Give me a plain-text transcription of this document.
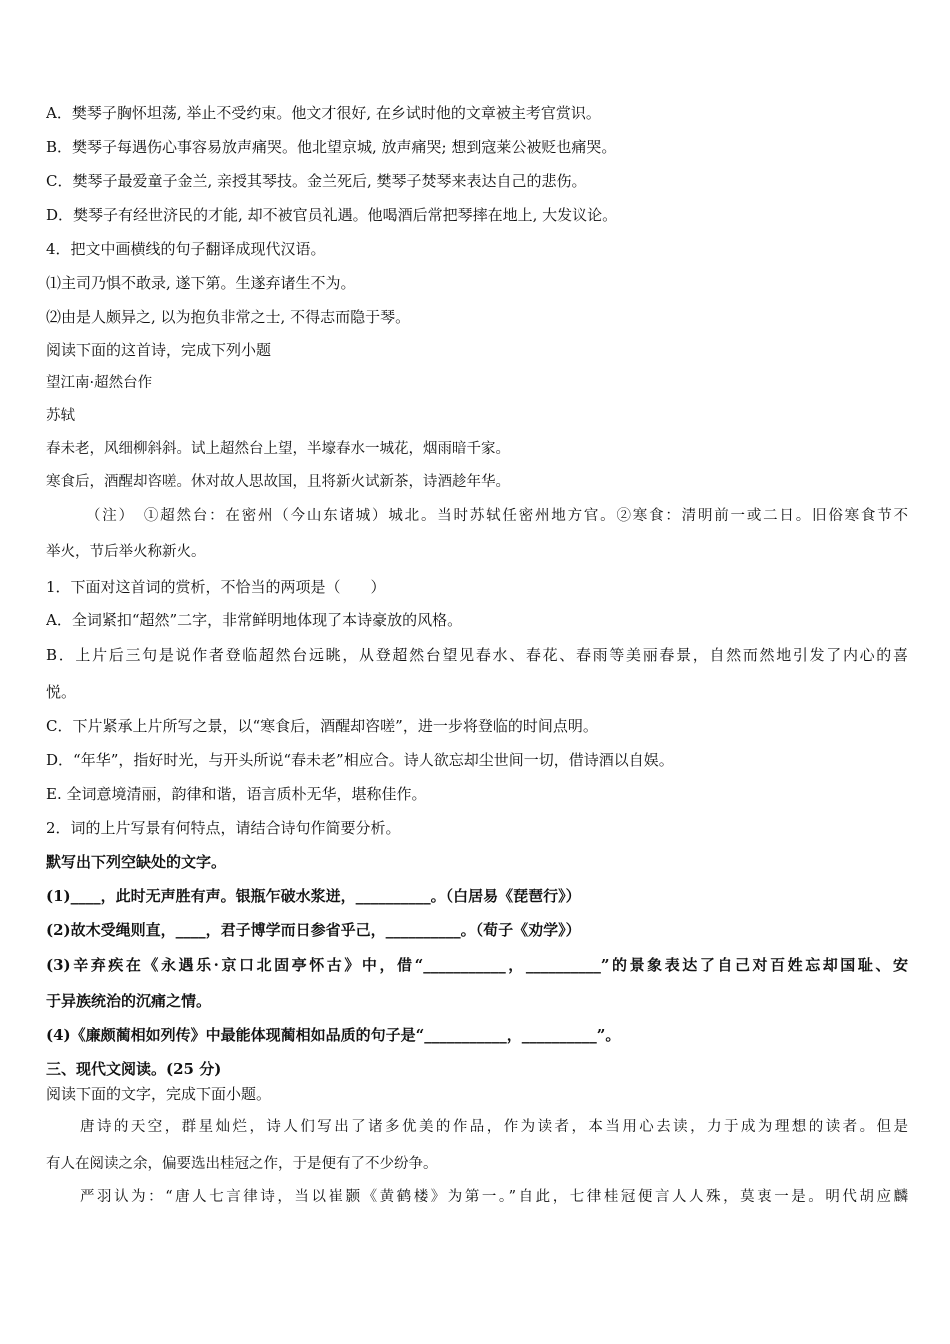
A．樊琴子胸怀坦荡, 举止不受约束。他文才很好, 在乡试时他的文章被主考官赏识。
B．樊琴子每遇伤心事容易放声痛哭。他北望京城, 放声痛哭; 想到寇莱公被贬也痛哭。
C．樊琴子最爱童子金兰, 亲授其琴技。金兰死后, 樊琴子焚琴来表达自己的悲伤。
D．樊琴子有经世济民的才能, 却不被官员礼遇。他喝酒后常把琴摔在地上, 大发议论。
4．把文中画横线的句子翻译成现代汉语。
⑴主司乃惧不敢录, 遂下第。生遂弃诸生不为。
⑵由是人颇异之, 以为抱负非常之士, 不得志而隐于琴。
阅读下面的这首诗，完成下列小题
望江南·超然台作
苏轼
春未老，风细柳斜斜。试上超然台上望，半壕春水一城花，烟雨暗千家。
寒食后，酒醒却咨嗟。休对故人思故国，且将新火试新茶，诗酒趁年华。
（注）　①超然台：在密州（今山东诸城）城北。当时苏轼任密州地方官。②寒食：清明前一或二日。旧俗寒食节不
举火，节后举火称新火。
1．下面对这首词的赏析，不恰当的两项是（　　）
A．全词紧扣“超然”二字，非常鲜明地体现了本诗豪放的风格。
B．上片后三句是说作者登临超然台远眺，从登超然台望见春水、春花、春雨等美丽春景，自然而然地引发了内心的喜
悦。
C．下片紧承上片所写之景，以“寒食后，酒醒却咨嗟”，进一步将登临的时间点明。
D．“年华”，指好时光，与开头所说“春未老”相应合。诗人欲忘却尘世间一切，借诗酒以自娱。
E. 全词意境清丽，韵律和谐，语言质朴无华，堪称佳作。
2．词的上片写景有何特点，请结合诗句作简要分析。
默写出下列空缺处的文字。
(1)____，此时无声胜有声。银瓶乍破水浆迸，__________。（白居易《琵琶行》）
(2)故木受绳则直，____，君子博学而日参省乎己，__________。（荀子《劝学》）
(3)辛弃疾在《永遇乐·京口北固亭怀古》中，借“___________，__________”的景象表达了自己对百姓忘却国耻、安
于异族统治的沉痛之情。
(4)《廉颇蔺相如列传》中最能体现蔺相如品质的句子是“___________，__________”。
三、现代文阅读。(25 分)
阅读下面的文字，完成下面小题。
唐诗的天空，群星灿烂，诗人们写出了诸多优美的作品，作为读者，本当用心去读，力于成为理想的读者。但是
有人在阅读之余，偏要选出桂冠之作，于是便有了不少纷争。
严羽认为：“唐人七言律诗，当以崔颢《黄鹤楼》为第一。”自此，七律桂冠便言人人殊，莫衷一是。明代胡应麟
